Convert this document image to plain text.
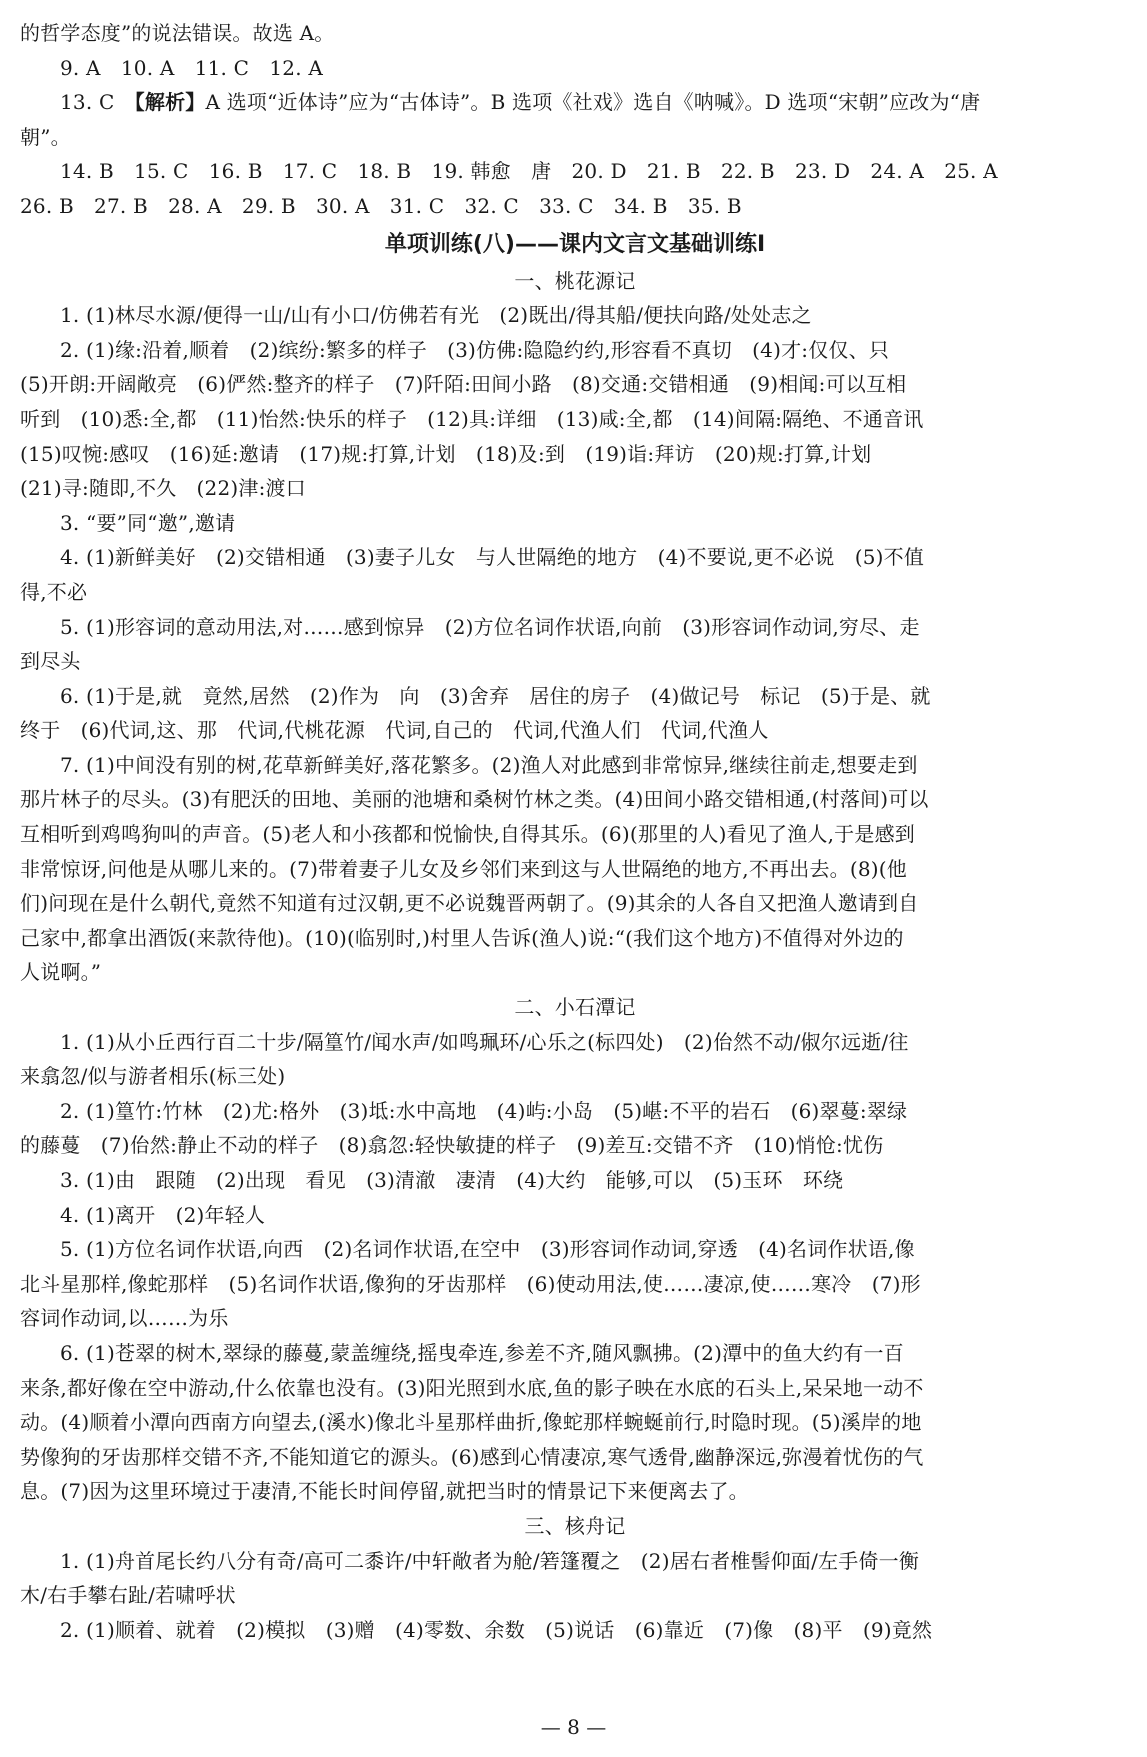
的哲学态度”的说法错误。故选 A。
9. A　10. A　11. C　12. A
13. C　【解析】A 选项“近体诗”应为“古体诗”。B 选项《社戏》选自《呐喊》。D 选项“宋朝”应改为“唐
朝”。
14. B　15. C　16. B　17. C　18. B　19. 韩愈　唐　20. D　21. B　22. B　23. D　24. A　25. A
26. B　27. B　28. A　29. B　30. A　31. C　32. C　33. C　34. B　35. B
单项训练(八)——课内文言文基础训练Ⅰ
一、桃花源记
1. (1)林尽水源/便得一山/山有小口/仿佛若有光　(2)既出/得其船/便扶向路/处处志之
2. (1)缘:沿着,顺着　(2)缤纷:繁多的样子　(3)仿佛:隐隐约约,形容看不真切　(4)才:仅仅、只
(5)开朗:开阔敞亮　(6)俨然:整齐的样子　(7)阡陌:田间小路　(8)交通:交错相通　(9)相闻:可以互相
听到　(10)悉:全,都　(11)怡然:快乐的样子　(12)具:详细　(13)咸:全,都　(14)间隔:隔绝、不通音讯
(15)叹惋:感叹　(16)延:邀请　(17)规:打算,计划　(18)及:到　(19)诣:拜访　(20)规:打算,计划
(21)寻:随即,不久　(22)津:渡口
3. “要”同“邀”,邀请
4. (1)新鲜美好　(2)交错相通　(3)妻子儿女　与人世隔绝的地方　(4)不要说,更不必说　(5)不值
得,不必
5. (1)形容词的意动用法,对……感到惊异　(2)方位名词作状语,向前　(3)形容词作动词,穷尽、走
到尽头
6. (1)于是,就　竟然,居然　(2)作为　向　(3)舍弃　居住的房子　(4)做记号　标记　(5)于是、就
终于　(6)代词,这、那　代词,代桃花源　代词,自己的　代词,代渔人们　代词,代渔人
7. (1)中间没有别的树,花草新鲜美好,落花繁多。(2)渔人对此感到非常惊异,继续往前走,想要走到
那片林子的尽头。(3)有肥沃的田地、美丽的池塘和桑树竹林之类。(4)田间小路交错相通,(村落间)可以
互相听到鸡鸣狗叫的声音。(5)老人和小孩都和悦愉快,自得其乐。(6)(那里的人)看见了渔人,于是感到
非常惊讶,问他是从哪儿来的。(7)带着妻子儿女及乡邻们来到这与人世隔绝的地方,不再出去。(8)(他
们)问现在是什么朝代,竟然不知道有过汉朝,更不必说魏晋两朝了。(9)其余的人各自又把渔人邀请到自
己家中,都拿出酒饭(来款待他)。(10)(临别时,)村里人告诉(渔人)说:“(我们这个地方)不值得对外边的
人说啊。”
二、小石潭记
1. (1)从小丘西行百二十步/隔篁竹/闻水声/如鸣珮环/心乐之(标四处)　(2)佁然不动/俶尔远逝/往
来翕忽/似与游者相乐(标三处)
2. (1)篁竹:竹林　(2)尤:格外　(3)坻:水中高地　(4)屿:小岛　(5)嵁:不平的岩石　(6)翠蔓:翠绿
的藤蔓　(7)佁然:静止不动的样子　(8)翕忽:轻快敏捷的样子　(9)差互:交错不齐　(10)悄怆:忧伤
3. (1)由　跟随　(2)出现　看见　(3)清澈　凄清　(4)大约　能够,可以　(5)玉环　环绕
4. (1)离开　(2)年轻人
5. (1)方位名词作状语,向西　(2)名词作状语,在空中　(3)形容词作动词,穿透　(4)名词作状语,像
北斗星那样,像蛇那样　(5)名词作状语,像狗的牙齿那样　(6)使动用法,使……凄凉,使……寒冷　(7)形
容词作动词,以……为乐
6. (1)苍翠的树木,翠绿的藤蔓,蒙盖缠绕,摇曳牵连,参差不齐,随风飘拂。(2)潭中的鱼大约有一百
来条,都好像在空中游动,什么依靠也没有。(3)阳光照到水底,鱼的影子映在水底的石头上,呆呆地一动不
动。(4)顺着小潭向西南方向望去,(溪水)像北斗星那样曲折,像蛇那样蜿蜒前行,时隐时现。(5)溪岸的地
势像狗的牙齿那样交错不齐,不能知道它的源头。(6)感到心情凄凉,寒气透骨,幽静深远,弥漫着忧伤的气
息。(7)因为这里环境过于凄清,不能长时间停留,就把当时的情景记下来便离去了。
三、核舟记
1. (1)舟首尾长约八分有奇/高可二黍许/中轩敞者为舱/箬篷覆之　(2)居右者椎髻仰面/左手倚一衡
木/右手攀右趾/若啸呼状
2. (1)顺着、就着　(2)模拟　(3)赠　(4)零数、余数　(5)说话　(6)靠近　(7)像　(8)平　(9)竟然
— 8 —
